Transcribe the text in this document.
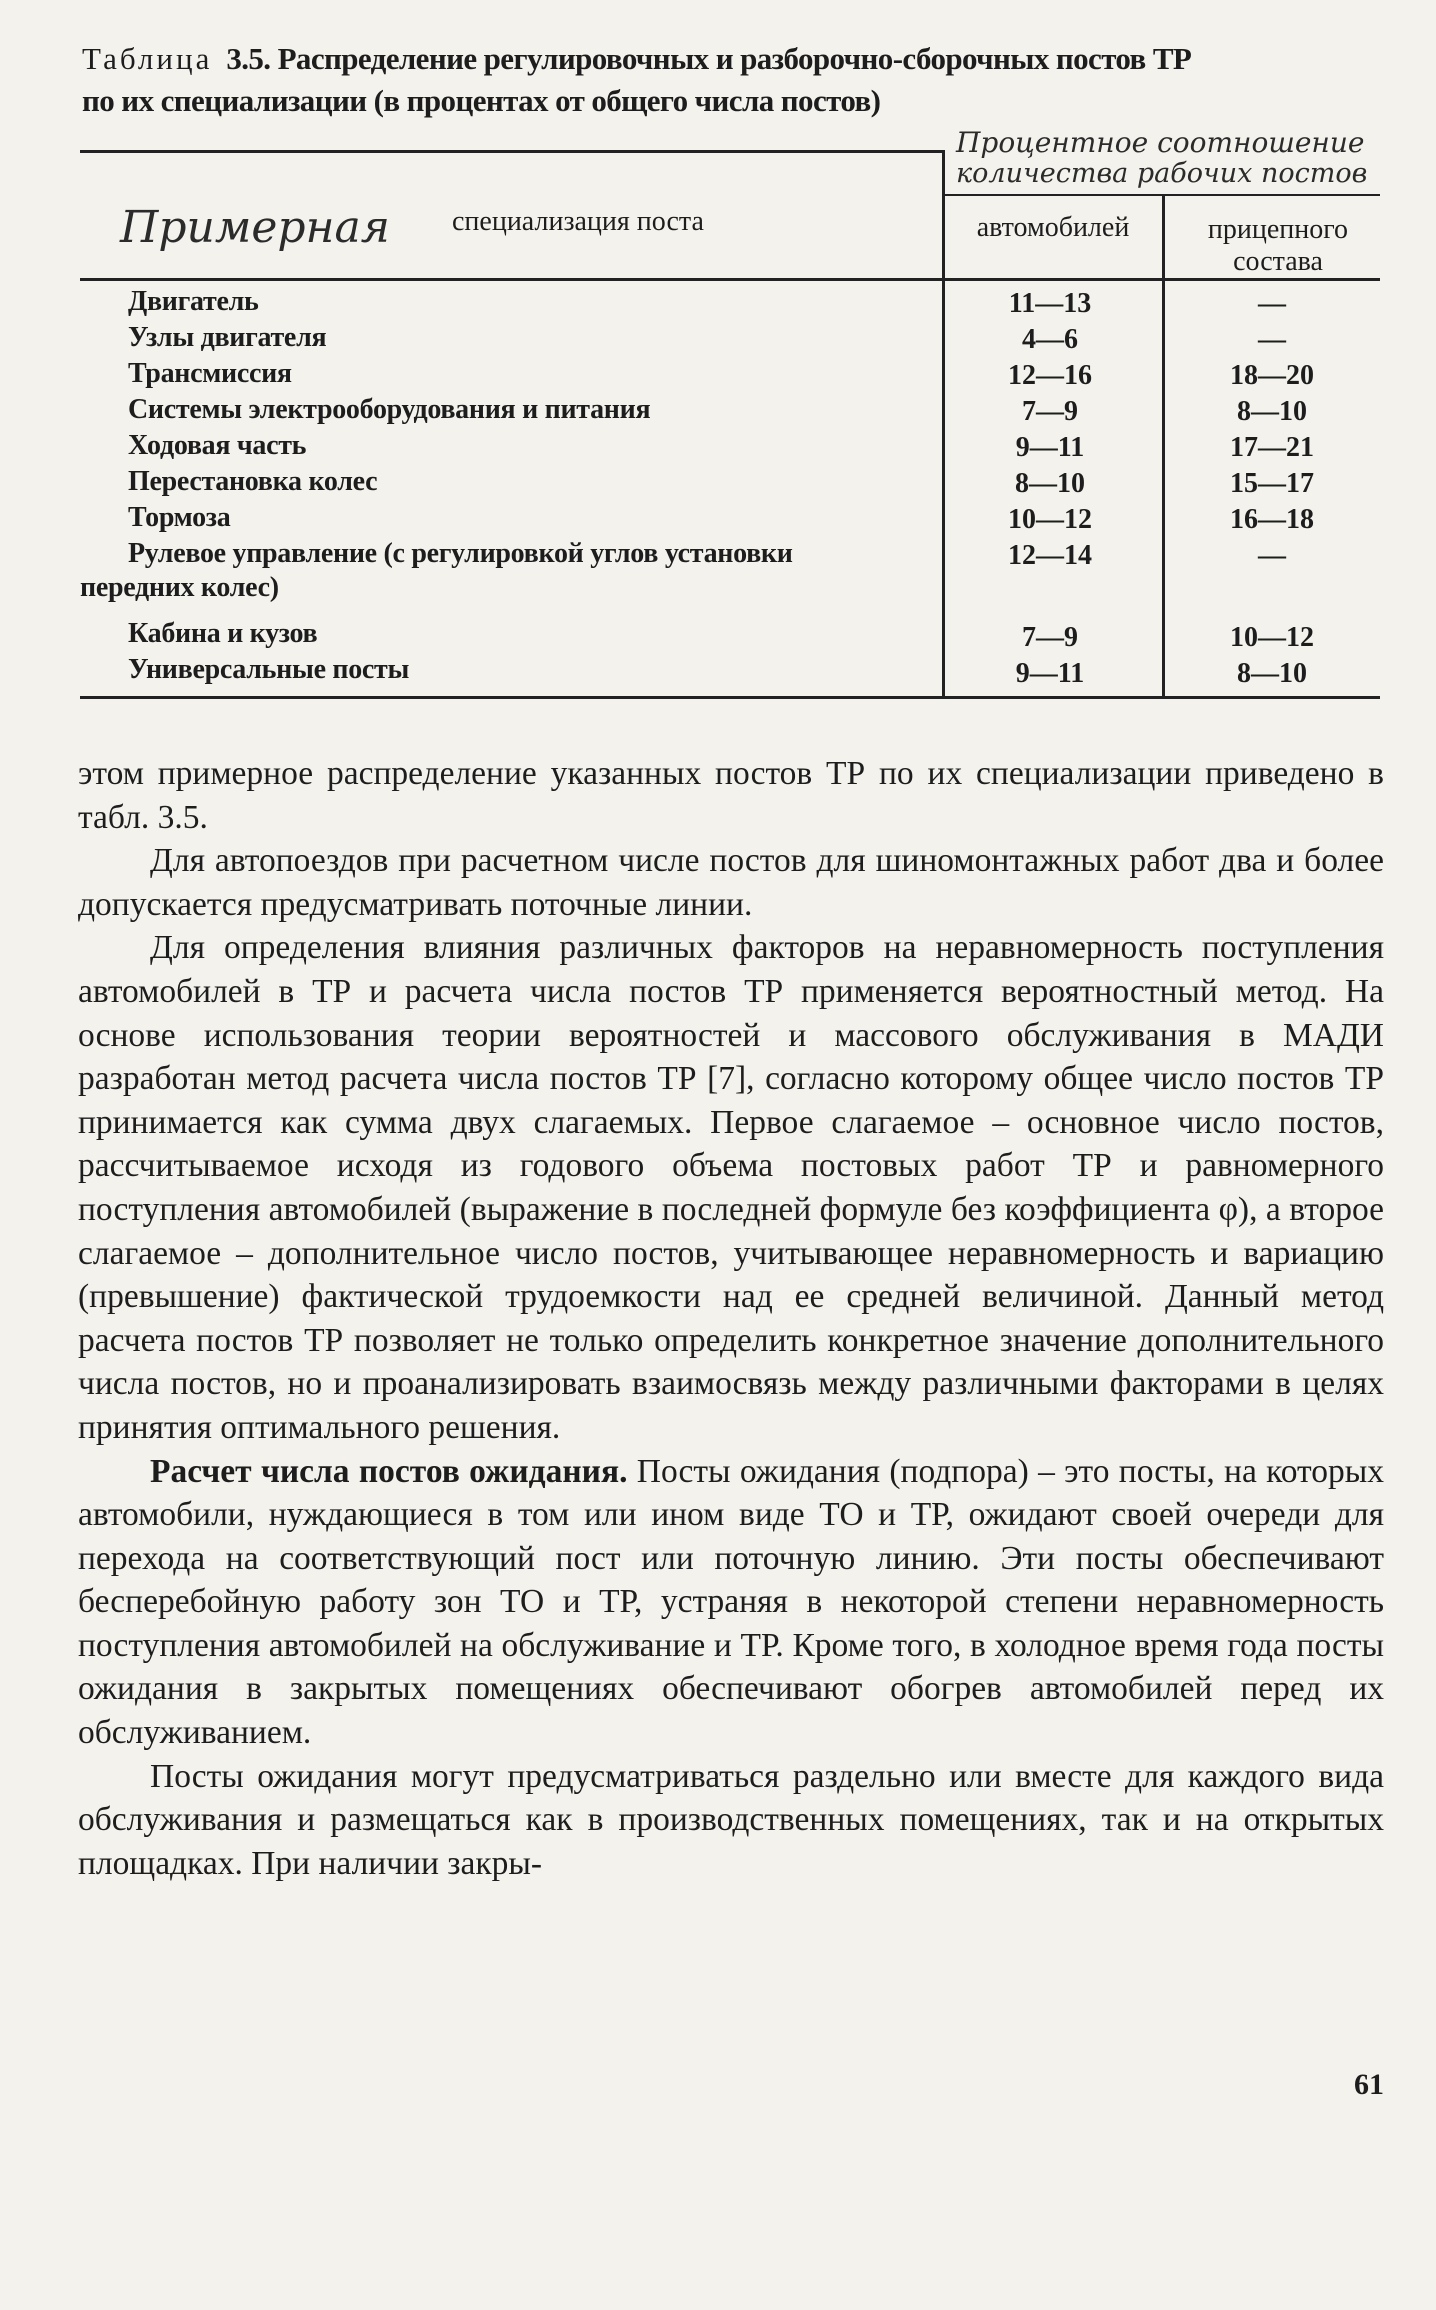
Таблица 3.5. Распределение регулировочных и разборочно-сборочных постов ТР
по их специализации (в процентах от общего числа постов)
Примерная специализация поста
Процентное соотношение
количества рабочих постов
автомобилей	прицепного
состава
Двигатель	11—13	—
Узлы двигателя	4—6	—
Трансмиссия	12—16	18—20
Системы электрооборудования и питания	7—9	8—10
Ходовая часть	9—11	17—21
Перестановка колес	8—10	15—17
Тормоза	10—12	16—18
Рулевое управление (с регулировкой углов установки
передних колес)
12—14	—
Кабина и кузов	7—9	10—12
Универсальные посты	9—11	8—10

этом примерное распределение указанных постов ТР по их специализации приведено в табл. 3.5.

Для автопоездов при расчетном числе постов для шиномонтажных работ два и более допускается предусматривать поточные линии.

Для определения влияния различных факторов на неравномерность поступления автомобилей в ТР и расчета числа постов ТР применяется вероятностный метод. На основе использования теории вероятностей и массового обслуживания в МАДИ разработан метод расчета числа постов ТР [7], согласно которому общее число постов ТР принимается как сумма двух слагаемых. Первое слагаемое – основное число постов, рассчитываемое исходя из годового объема постовых работ ТР и равномерного поступления автомобилей (выражение в последней формуле без коэффициента φ), а второе слагаемое – дополнительное число постов, учитывающее неравномерность и вариацию (превышение) фактической трудоемкости над ее средней величиной. Данный метод расчета постов ТР позволяет не только определить конкретное значение дополнительного числа постов, но и проанализировать взаимосвязь между различными факторами в целях принятия оптимального решения.

Расчет числа постов ожидания. Посты ожидания (подпора) – это посты, на которых автомобили, нуждающиеся в том или ином виде ТО и ТР, ожидают своей очереди для перехода на соответствующий пост или поточную линию. Эти посты обеспечивают бесперебойную работу зон ТО и ТР, устраняя в некоторой степени неравномерность поступления автомобилей на обслуживание и ТР. Кроме того, в холодное время года посты ожидания в закрытых помещениях обеспечивают обогрев автомобилей перед их обслуживанием.

Посты ожидания могут предусматриваться раздельно или вместе для каждого вида обслуживания и размещаться как в производственных помещениях, так и на открытых площадках. При наличии закры-

61
